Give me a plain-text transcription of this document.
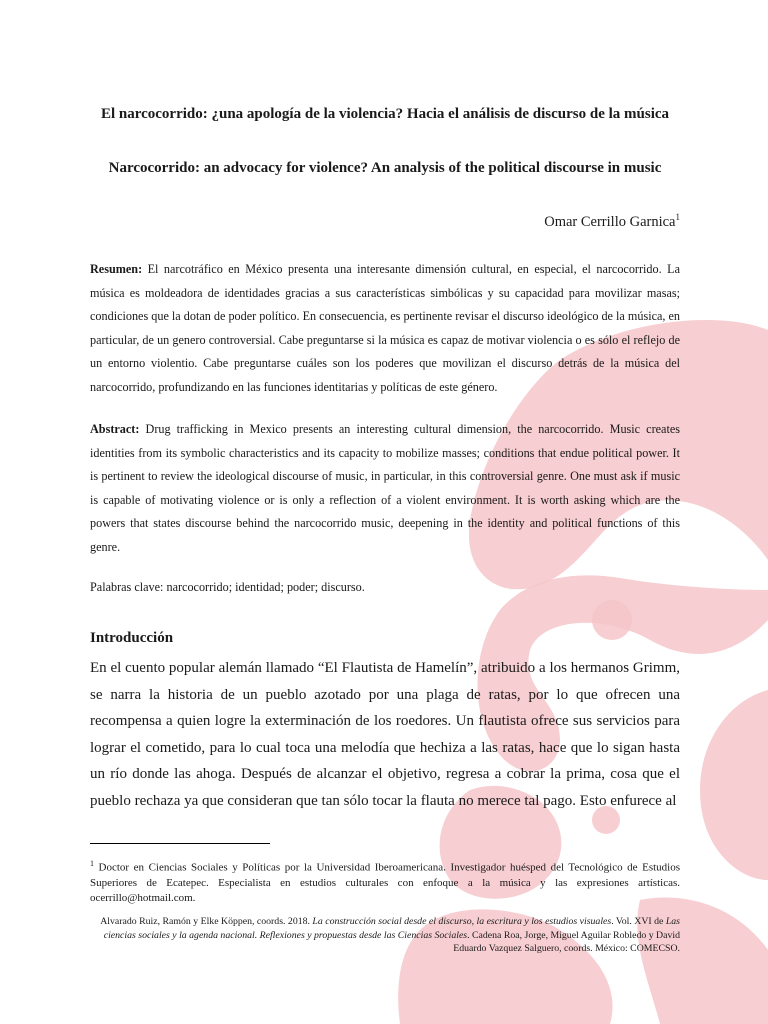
El narcocorrido: ¿una apología de la violencia? Hacia el análisis de discurso de la música
Narcocorrido: an advocacy for violence? An analysis of the political discourse in music
Omar Cerrillo Garnica$^1$

Resumen: El narcotráfico en México presenta una interesante dimensión cultural, en especial, el narcocorrido. La música es moldeadora de identidades gracias a sus características simbólicas y su capacidad para movilizar masas; condiciones que la dotan de poder político. En consecuencia, es pertinente revisar el discurso ideológico de la música, en particular, de un genero controversial. Cabe preguntarse si la música es capaz de motivar violencia o es sólo el reflejo de un entorno violentio. Cabe preguntarse cuáles son los poderes que movilizan el discurso detrás de la música del narcocorrido, profundizando en las funciones identitarias y políticas de este género.

Abstract: Drug trafficking in Mexico presents an interesting cultural dimension, the narcocorrido. Music creates identities from its symbolic characteristics and its capacity to mobilize masses; conditions that endue political power. It is pertinent to review the ideological discourse of music, in particular, in this controversial genre. One must ask if music is capable of motivating violence or is only a reflection of a violent environment. It is worth asking which are the powers that states discourse behind the narcocorrido music, deepening in the identity and political functions of this genre.

Palabras clave: narcocorrido; identidad; poder; discurso.

Introducción

En el cuento popular alemán llamado “El Flautista de Hamelín”, atribuido a los hermanos Grimm, se narra la historia de un pueblo azotado por una plaga de ratas, por lo que ofrecen una recompensa a quien logre la exterminación de los roedores. Un flautista ofrece sus servicios para lograr el cometido, para lo cual toca una melodía que hechiza a las ratas, hace que lo sigan hasta un río donde las ahoga. Después de alcanzar el objetivo, regresa a cobrar la prima, cosa que el pueblo rechaza ya que consideran que tan sólo tocar la flauta no merece tal pago. Esto enfurece al

$^1$ Doctor en Ciencias Sociales y Políticas por la Universidad Iberoamericana. Investigador huésped del Tecnológico de Estudios Superiores de Ecatepec. Especialista en estudios culturales con enfoque a la música y las expresiones artísticas. ocerrillo@hotmail.com.

Alvarado Ruiz, Ramón y Elke Köppen, coords. 2018. La construcción social desde el discurso, la escritura y los estudios visuales. Vol. XVI de Las ciencias sociales y la agenda nacional. Reflexiones y propuestas desde las Ciencias Sociales. Cadena Roa, Jorge, Miguel Aguilar Robledo y David Eduardo Vazquez Salguero, coords. México: COMECSO.
